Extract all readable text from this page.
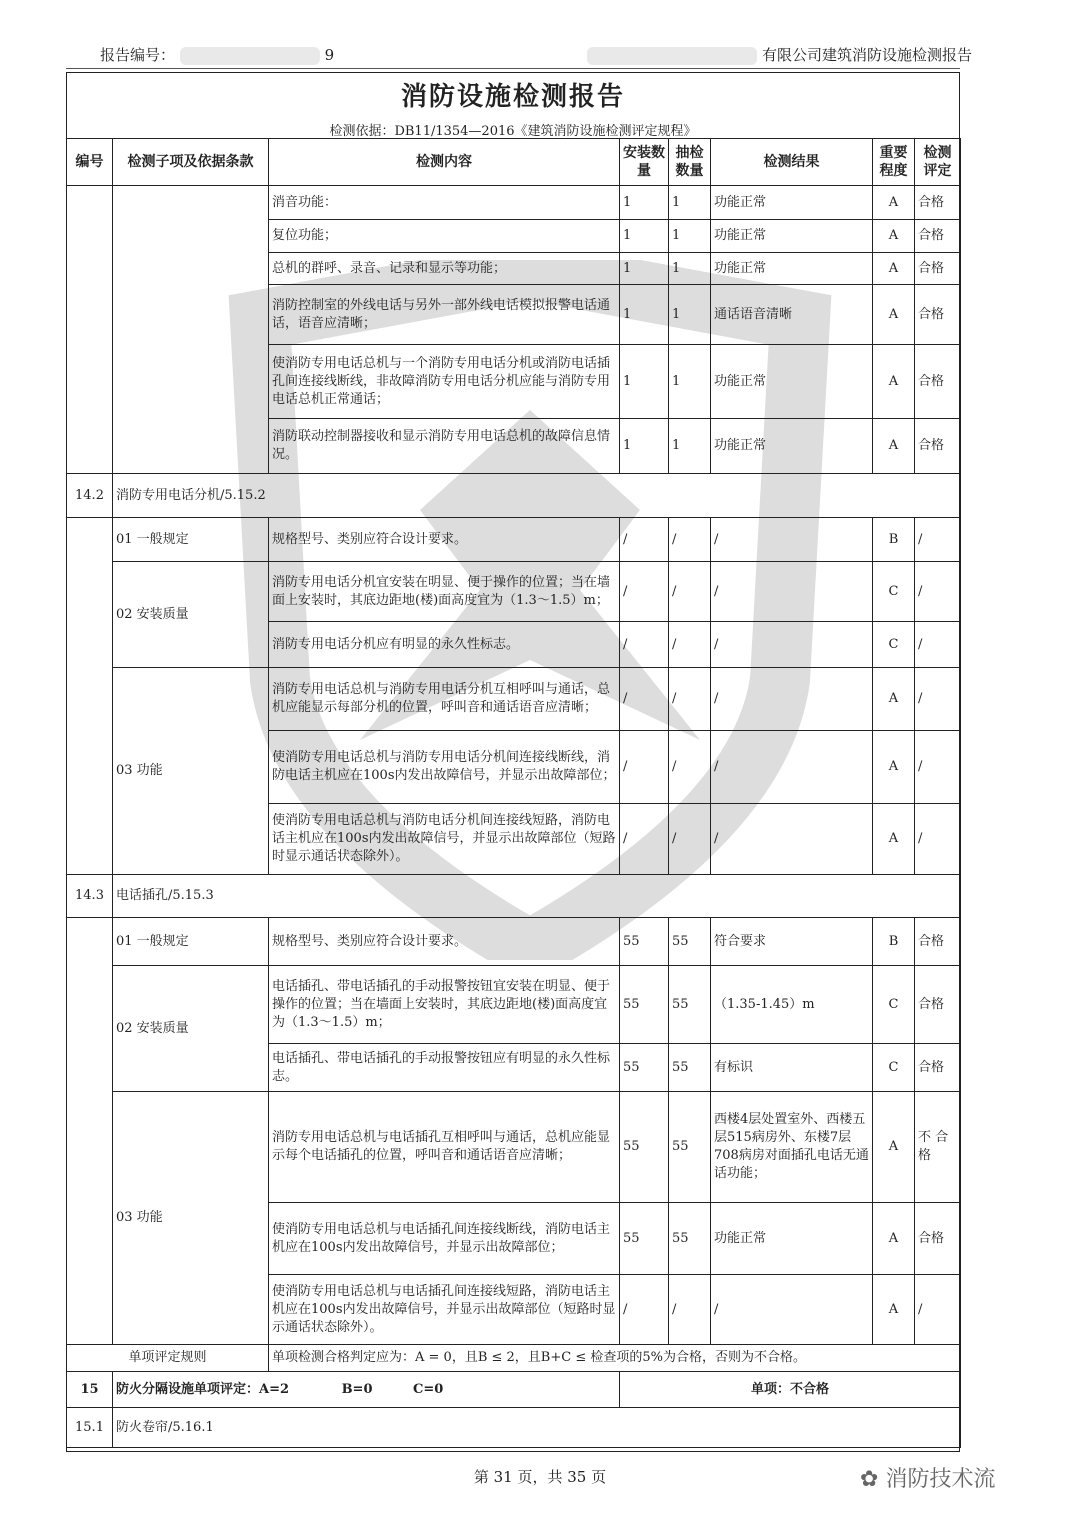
报告编号：	9	有限公司建筑消防设施检测报告
消防设施检测报告
检测依据：DB11/1354—2016《建筑消防设施检测评定规程》
编号	检测子项及依据条款	检测内容	安装数量	抽检数量	检测结果	重要程度	检测评定
		消音功能：	1	1	功能正常	A	合格
		复位功能；	1	1	功能正常	A	合格
		总机的群呼、录音、记录和显示等功能；	1	1	功能正常	A	合格
		消防控制室的外线电话与另外一部外线电话模拟报警电话通话，语音应清晰；	1	1	通话语音清晰	A	合格
		使消防专用电话总机与一个消防专用电话分机或消防电话插孔间连接线断线，非故障消防专用电话分机应能与消防专用电话总机正常通话；	1	1	功能正常	A	合格
		消防联动控制器接收和显示消防专用电话总机的故障信息情况。	1	1	功能正常	A	合格
14.2	消防专用电话分机/5.15.2						
	01 一般规定	规格型号、类别应符合设计要求。	/	/	/	B	/
	02 安装质量	消防专用电话分机宜安装在明显、便于操作的位置；当在墙面上安装时，其底边距地(楼)面高度宜为（1.3～1.5）m；	/	/	/	C	/
		消防专用电话分机应有明显的永久性标志。	/	/	/	C	/
	03 功能	消防专用电话总机与消防专用电话分机互相呼叫与通话，总机应能显示每部分机的位置，呼叫音和通话语音应清晰；	/	/	/	A	/
		使消防专用电话总机与消防专用电话分机间连接线断线，消防电话主机应在100s内发出故障信号，并显示出故障部位；	/	/	/	A	/
		使消防专用电话总机与消防电话分机间连接线短路，消防电话主机应在100s内发出故障信号，并显示出故障部位（短路时显示通话状态除外）。	/	/	/	A	/
14.3	电话插孔/5.15.3						
	01 一般规定	规格型号、类别应符合设计要求。	55	55	符合要求	B	合格
	02 安装质量	电话插孔、带电话插孔的手动报警按钮宜安装在明显、便于操作的位置；当在墙面上安装时，其底边距地(楼)面高度宜为（1.3～1.5）m；	55	55	（1.35-1.45）m	C	合格
		电话插孔、带电话插孔的手动报警按钮应有明显的永久性标志。	55	55	有标识	C	合格
	03 功能	消防专用电话总机与电话插孔互相呼叫与通话，总机应能显示每个电话插孔的位置，呼叫音和通话语音应清晰；	55	55	西楼4层处置室外、西楼五层515病房外、东楼7层708病房对面插孔电话无通话功能；	A	不 合格
		使消防专用电话总机与电话插孔间连接线断线，消防电话主机应在100s内发出故障信号，并显示出故障部位；	55	55	功能正常	A	合格
		使消防专用电话总机与电话插孔间连接线短路，消防电话主机应在100s内发出故障信号，并显示出故障部位（短路时显示通话状态除外）。	/	/	/	A	/
单项评定规则		单项检测合格判定应为：A = 0，且B ≤ 2，且B+C ≤ 检查项的5%为合格，否则为不合格。					
15	防火分隔设施单项评定：A=2 B=0 C=0		单项：不合格				
15.1	防火卷帘/5.16.1						
第 31 页，共 35 页	✿ 消防技术流
